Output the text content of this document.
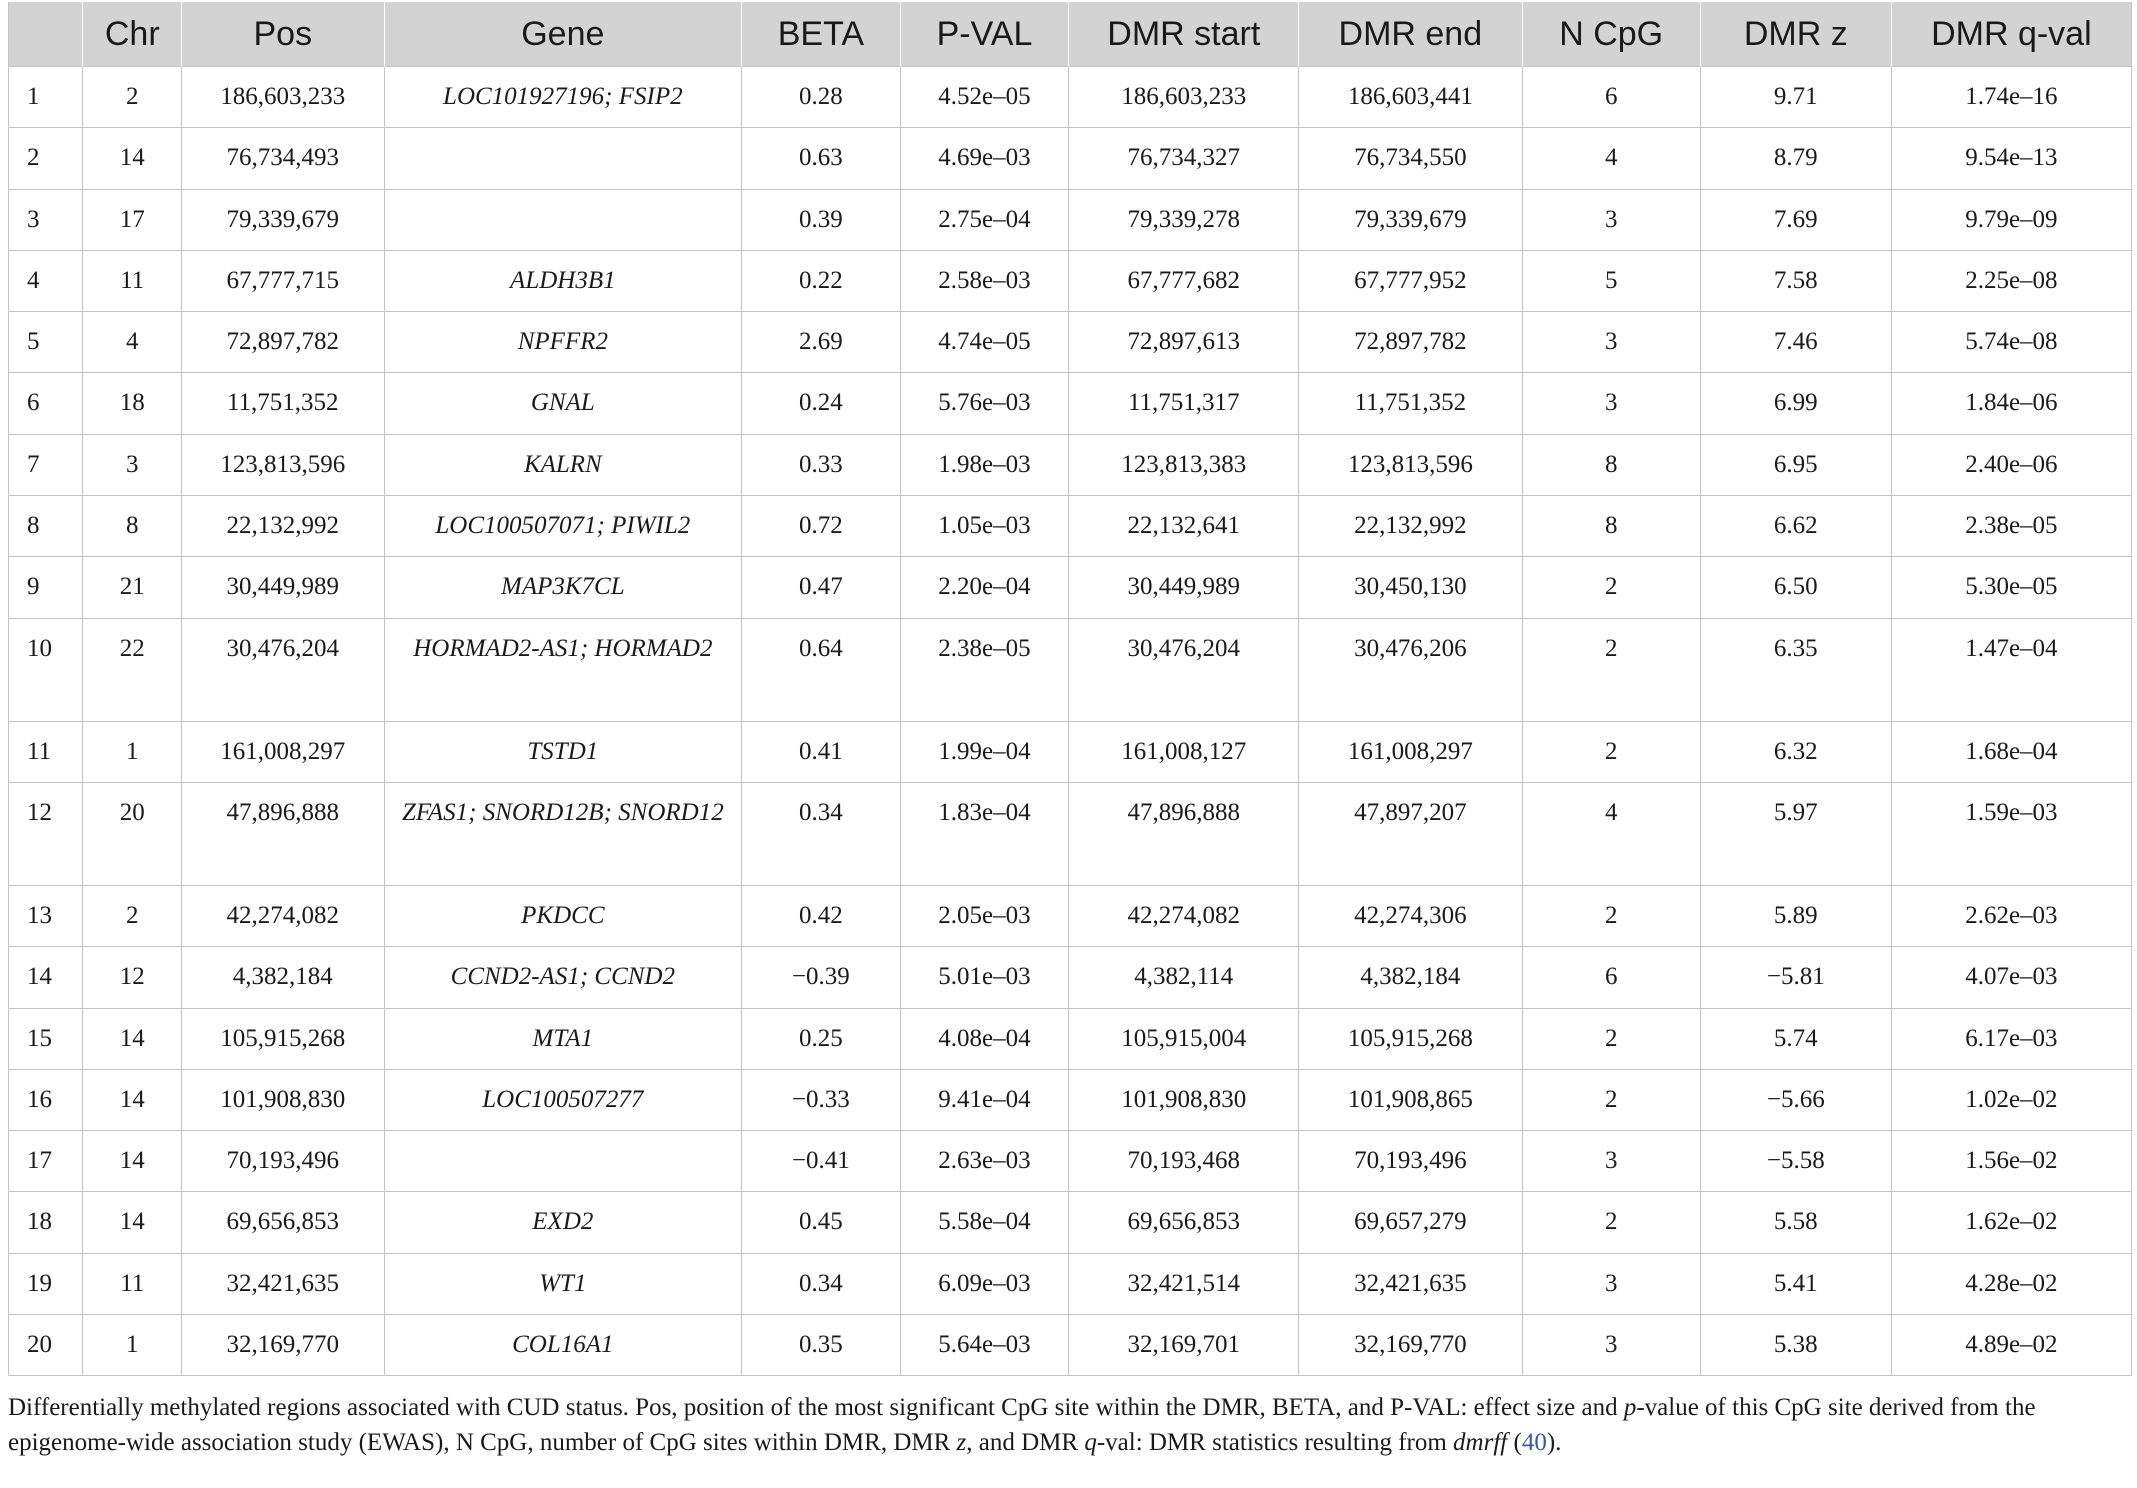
	Chr	Pos	Gene	BETA	P-VAL	DMR start	DMR end	N CpG	DMR z	DMR q-val
1	2	186,603,233	LOC101927196; FSIP2	0.28	4.52e–05	186,603,233	186,603,441	6	9.71	1.74e–16
2	14	76,734,493		0.63	4.69e–03	76,734,327	76,734,550	4	8.79	9.54e–13
3	17	79,339,679		0.39	2.75e–04	79,339,278	79,339,679	3	7.69	9.79e–09
4	11	67,777,715	ALDH3B1	0.22	2.58e–03	67,777,682	67,777,952	5	7.58	2.25e–08
5	4	72,897,782	NPFFR2	2.69	4.74e–05	72,897,613	72,897,782	3	7.46	5.74e–08
6	18	11,751,352	GNAL	0.24	5.76e–03	11,751,317	11,751,352	3	6.99	1.84e–06
7	3	123,813,596	KALRN	0.33	1.98e–03	123,813,383	123,813,596	8	6.95	2.40e–06
8	8	22,132,992	LOC100507071; PIWIL2	0.72	1.05e–03	22,132,641	22,132,992	8	6.62	2.38e–05
9	21	30,449,989	MAP3K7CL	0.47	2.20e–04	30,449,989	30,450,130	2	6.50	5.30e–05
10	22	30,476,204	HORMAD2-AS1; HORMAD2	0.64	2.38e–05	30,476,204	30,476,206	2	6.35	1.47e–04
11	1	161,008,297	TSTD1	0.41	1.99e–04	161,008,127	161,008,297	2	6.32	1.68e–04
12	20	47,896,888	ZFAS1; SNORD12B; SNORD12	0.34	1.83e–04	47,896,888	47,897,207	4	5.97	1.59e–03
13	2	42,274,082	PKDCC	0.42	2.05e–03	42,274,082	42,274,306	2	5.89	2.62e–03
14	12	4,382,184	CCND2-AS1; CCND2	−0.39	5.01e–03	4,382,114	4,382,184	6	−5.81	4.07e–03
15	14	105,915,268	MTA1	0.25	4.08e–04	105,915,004	105,915,268	2	5.74	6.17e–03
16	14	101,908,830	LOC100507277	−0.33	9.41e–04	101,908,830	101,908,865	2	−5.66	1.02e–02
17	14	70,193,496		−0.41	2.63e–03	70,193,468	70,193,496	3	−5.58	1.56e–02
18	14	69,656,853	EXD2	0.45	5.58e–04	69,656,853	69,657,279	2	5.58	1.62e–02
19	11	32,421,635	WT1	0.34	6.09e–03	32,421,514	32,421,635	3	5.41	4.28e–02
20	1	32,169,770	COL16A1	0.35	5.64e–03	32,169,701	32,169,770	3	5.38	4.89e–02
Differentially methylated regions associated with CUD status. Pos, position of the most significant CpG site within the DMR, BETA, and P-VAL: effect size and p-value of this CpG site derived from the epigenome-wide association study (EWAS), N CpG, number of CpG sites within DMR, DMR z, and DMR q-val: DMR statistics resulting from dmrff (40).
